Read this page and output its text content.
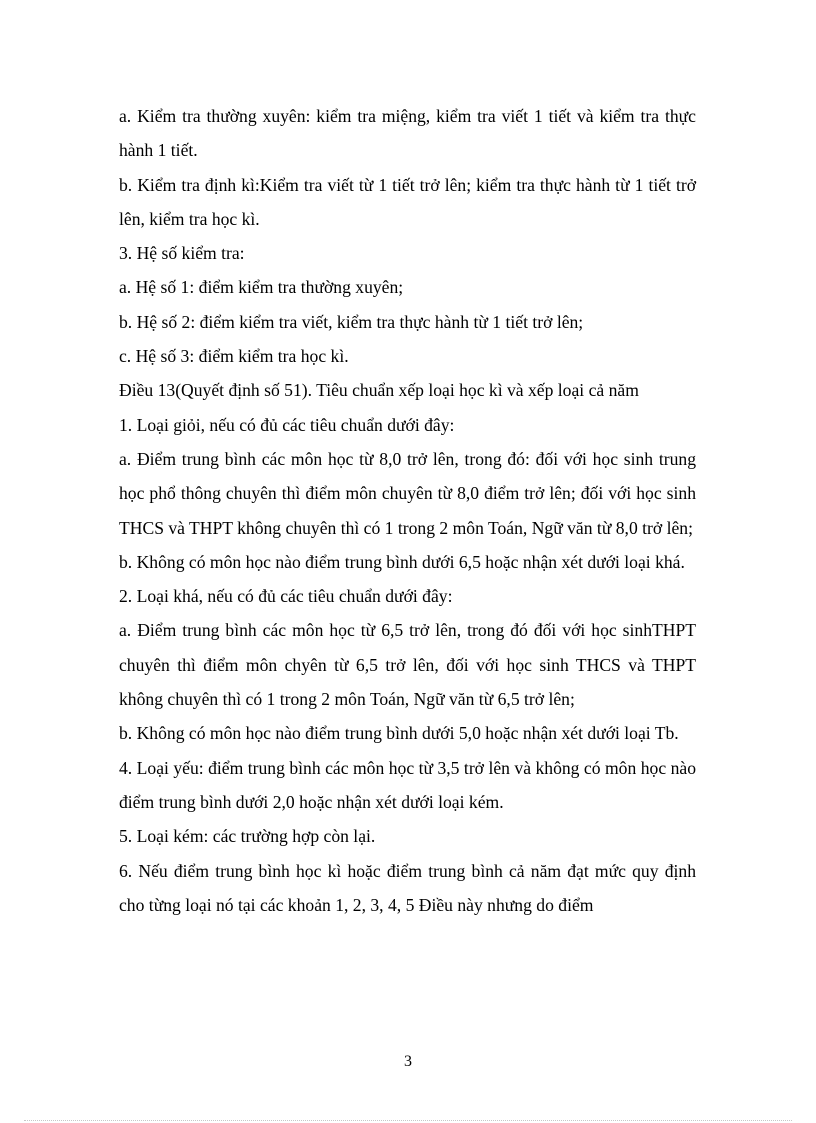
a. Kiểm tra thường xuyên: kiểm tra miệng, kiểm tra viết 1 tiết và kiểm tra thực hành 1 tiết.

b. Kiểm tra định kì:Kiểm tra viết từ 1 tiết trở lên; kiểm tra thực hành từ 1 tiết trở lên, kiểm tra học kì.

3. Hệ số kiểm tra:

a. Hệ số 1: điểm kiểm tra thường xuyên;

b. Hệ số 2: điểm kiểm tra viết, kiểm tra thực hành từ 1 tiết trở lên;

c. Hệ số 3: điểm kiểm tra học kì.

Điều 13(Quyết định số 51). Tiêu chuẩn xếp loại học kì và xếp loại cả năm

1. Loại giỏi, nếu có đủ các tiêu chuẩn dưới đây:

a. Điểm trung bình các môn học từ 8,0 trở lên, trong đó: đối với học sinh trung học phổ thông chuyên thì điểm môn chuyên từ 8,0 điểm trở lên; đối với học sinh THCS và THPT không chuyên thì có 1 trong 2 môn Toán, Ngữ văn từ 8,0 trở lên;

b. Không có môn học nào điểm trung bình dưới 6,5 hoặc nhận xét dưới loại khá.

2. Loại khá, nếu có đủ các tiêu chuẩn dưới đây:

a. Điểm trung bình các môn học từ 6,5 trở lên, trong đó đối với học sinhTHPT chuyên thì điểm môn chyên từ 6,5 trở lên, đối với học sinh THCS và THPT không chuyên thì có 1 trong 2 môn Toán, Ngữ văn từ 6,5 trở lên;

b. Không có môn học nào điểm trung bình dưới 5,0 hoặc nhận xét dưới loại Tb.

4. Loại yếu: điểm trung bình các môn học từ 3,5 trở lên và không có môn học nào điểm trung bình dưới 2,0 hoặc nhận xét dưới loại kém.

5. Loại kém: các trường hợp còn lại.

6. Nếu điểm trung bình học kì hoặc điểm trung bình cả năm đạt mức quy định cho từng loại nó tại các khoản 1, 2, 3, 4, 5 Điều này nhưng do điểm

3
